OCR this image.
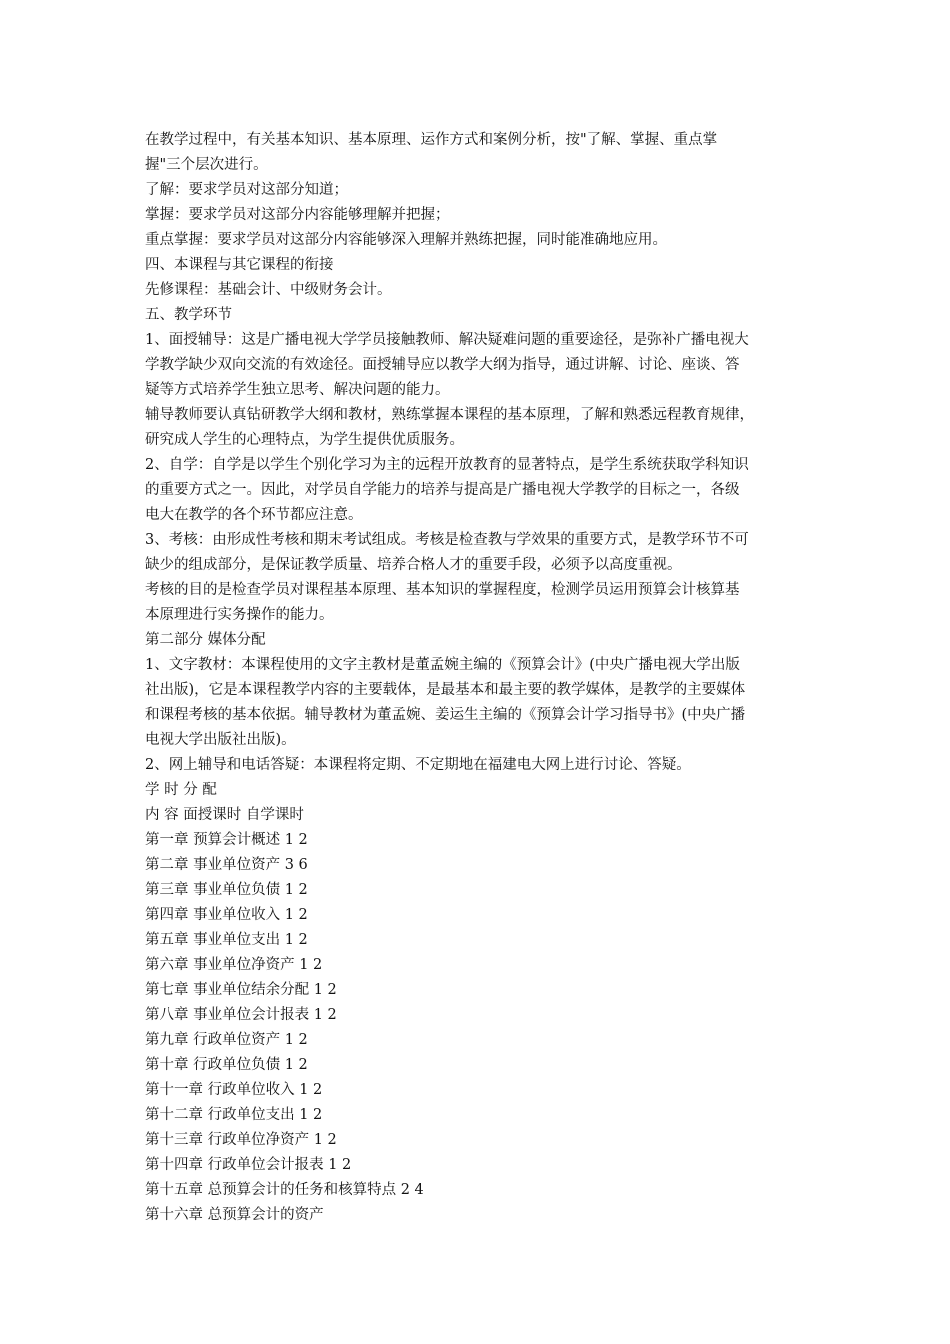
在教学过程中，有关基本知识、基本原理、运作方式和案例分析，按"了解、掌握、重点掌
握"三个层次进行。
了解：要求学员对这部分知道；
掌握：要求学员对这部分内容能够理解并把握；
重点掌握：要求学员对这部分内容能够深入理解并熟练把握，同时能准确地应用。
四、本课程与其它课程的衔接
先修课程：基础会计、中级财务会计。
五、教学环节
1、面授辅导：这是广播电视大学学员接触教师、解决疑难问题的重要途径，是弥补广播电视大
学教学缺少双向交流的有效途径。面授辅导应以教学大纲为指导，通过讲解、讨论、座谈、答
疑等方式培养学生独立思考、解决问题的能力。
辅导教师要认真钻研教学大纲和教材，熟练掌握本课程的基本原理，了解和熟悉远程教育规律，
研究成人学生的心理特点，为学生提供优质服务。
2、自学：自学是以学生个别化学习为主的远程开放教育的显著特点，是学生系统获取学科知识
的重要方式之一。因此，对学员自学能力的培养与提高是广播电视大学教学的目标之一，各级
电大在教学的各个环节都应注意。
3、考核：由形成性考核和期末考试组成。考核是检查教与学效果的重要方式，是教学环节不可
缺少的组成部分，是保证教学质量、培养合格人才的重要手段，必须予以高度重视。
考核的目的是检查学员对课程基本原理、基本知识的掌握程度，检测学员运用预算会计核算基
本原理进行实务操作的能力。
第二部分 媒体分配
1、文字教材：本课程使用的文字主教材是董孟婉主编的《预算会计》(中央广播电视大学出版
社出版)，它是本课程教学内容的主要载体，是最基本和最主要的教学媒体，是教学的主要媒体
和课程考核的基本依据。辅导教材为董孟婉、姜运生主编的《预算会计学习指导书》(中央广播
电视大学出版社出版)。
2、网上辅导和电话答疑：本课程将定期、不定期地在福建电大网上进行讨论、答疑。
学 时 分 配
内 容 面授课时 自学课时
第一章 预算会计概述 1 2
第二章 事业单位资产 3 6
第三章 事业单位负债 1 2
第四章 事业单位收入 1 2
第五章 事业单位支出 1 2
第六章 事业单位净资产 1 2
第七章 事业单位结余分配 1 2
第八章 事业单位会计报表 1 2
第九章 行政单位资产 1 2
第十章 行政单位负债 1 2
第十一章 行政单位收入 1 2
第十二章 行政单位支出 1 2
第十三章 行政单位净资产 1 2
第十四章 行政单位会计报表 1 2
第十五章 总预算会计的任务和核算特点 2 4
第十六章 总预算会计的资产
